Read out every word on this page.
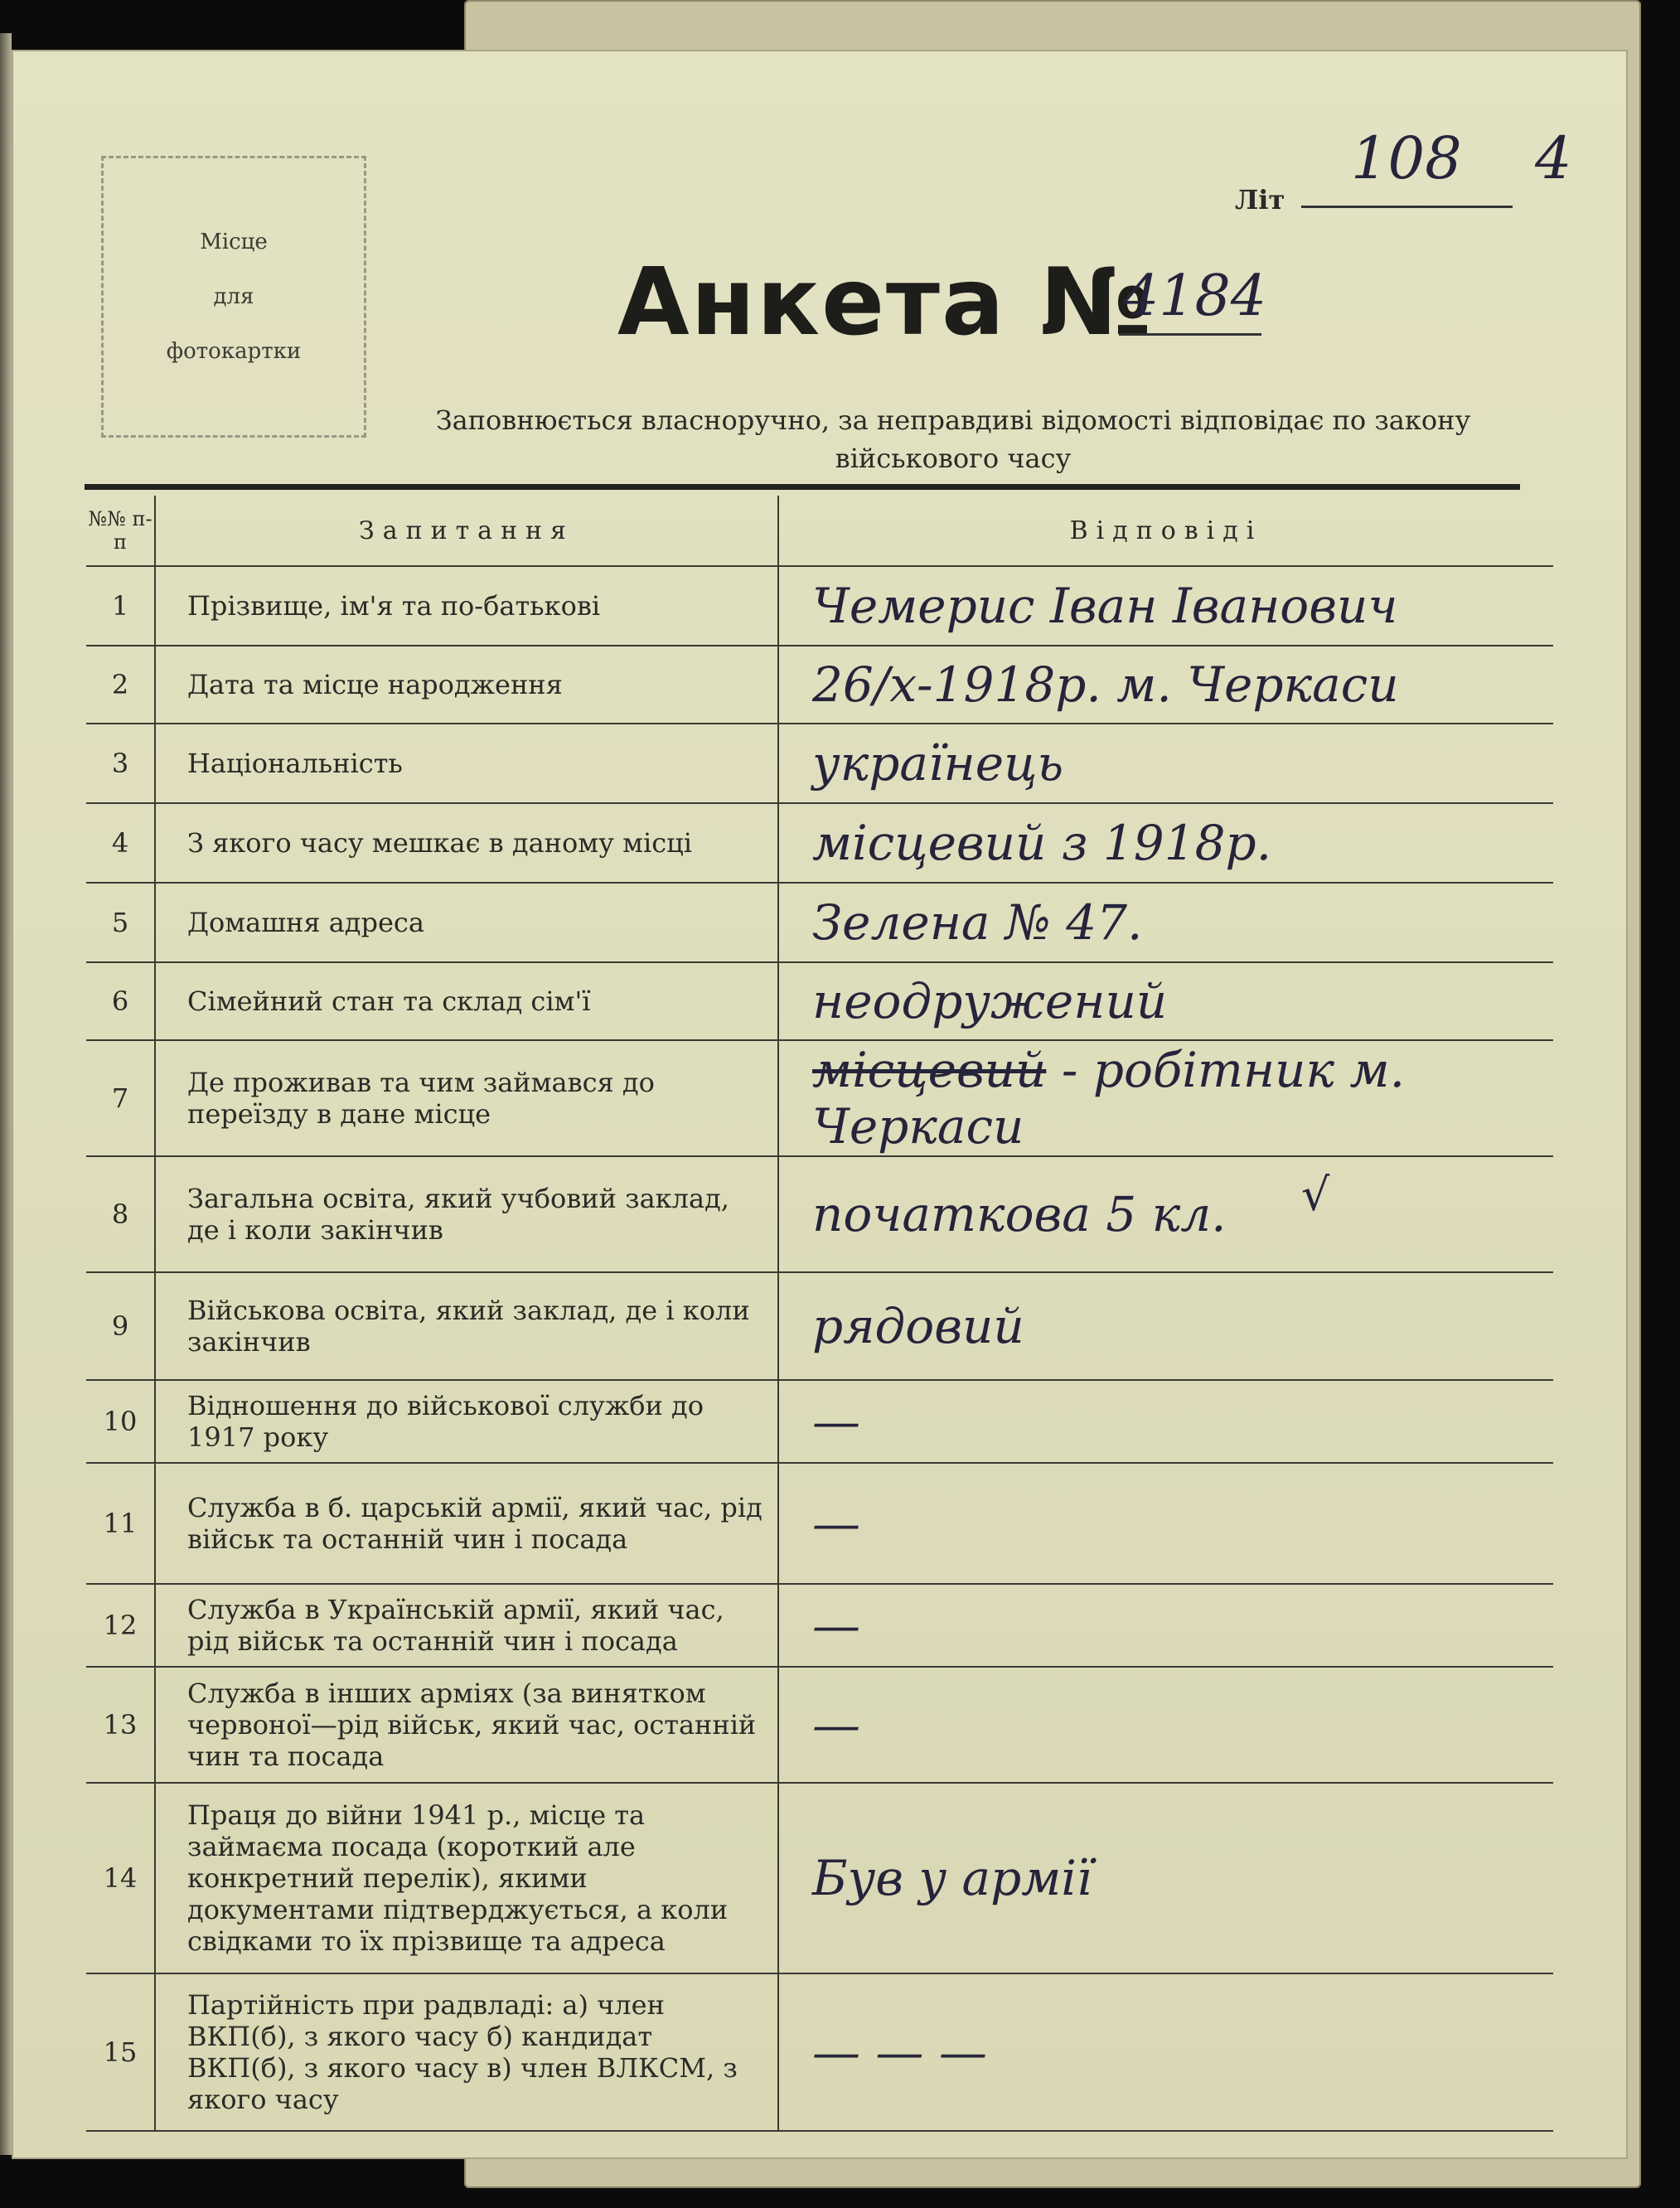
Місце
для
фотокартки
Літ
108 4
Анкета №
4184
Заповнюється власноручно, за неправдиві відомості відповідає по закону військового часу
№№ п-п	Запитання	Відповіді
1	Прізвище, ім'я та по-батькові	Чемерис Іван Іванович
2	Дата та місце народження	26/х-1918р. м. Черкаси
3	Національність	українець
4	З якого часу мешкає в даному місці	місцевий з 1918р.
5	Домашня адреса	Зелена № 47.
6	Сімейний стан та склад сім'ї	неодружений
7	Де проживав та чим займався до переїзду в дане місце	місцевий - робітник м. Черкаси
8	Загальна освіта, який учбовий заклад, де і коли закінчив	початкова 5 кл.
9	Військова освіта, який заклад, де і коли закінчив	рядовий
10	Відношення до військової служби до 1917 року	—
11	Служба в б. царській армії, який час, рід військ та останній чин і посада	—
12	Служба в Українській армії, який час, рід військ та останній чин і посада	—
13	Служба в інших арміях (за винятком червоної—рід військ, який час, останній чин та посада	—
14	Праця до війни 1941 р., місце та займаєма посада (короткий але конкретний перелік), якими документами підтверджується, а коли свідками то їх прізвище та адреса	Був у армії
15	Партійність при радвладі: а) член ВКП(б), з якого часу б) кандидат ВКП(б), з якого часу в) член ВЛКСМ, з якого часу	— — —
√
